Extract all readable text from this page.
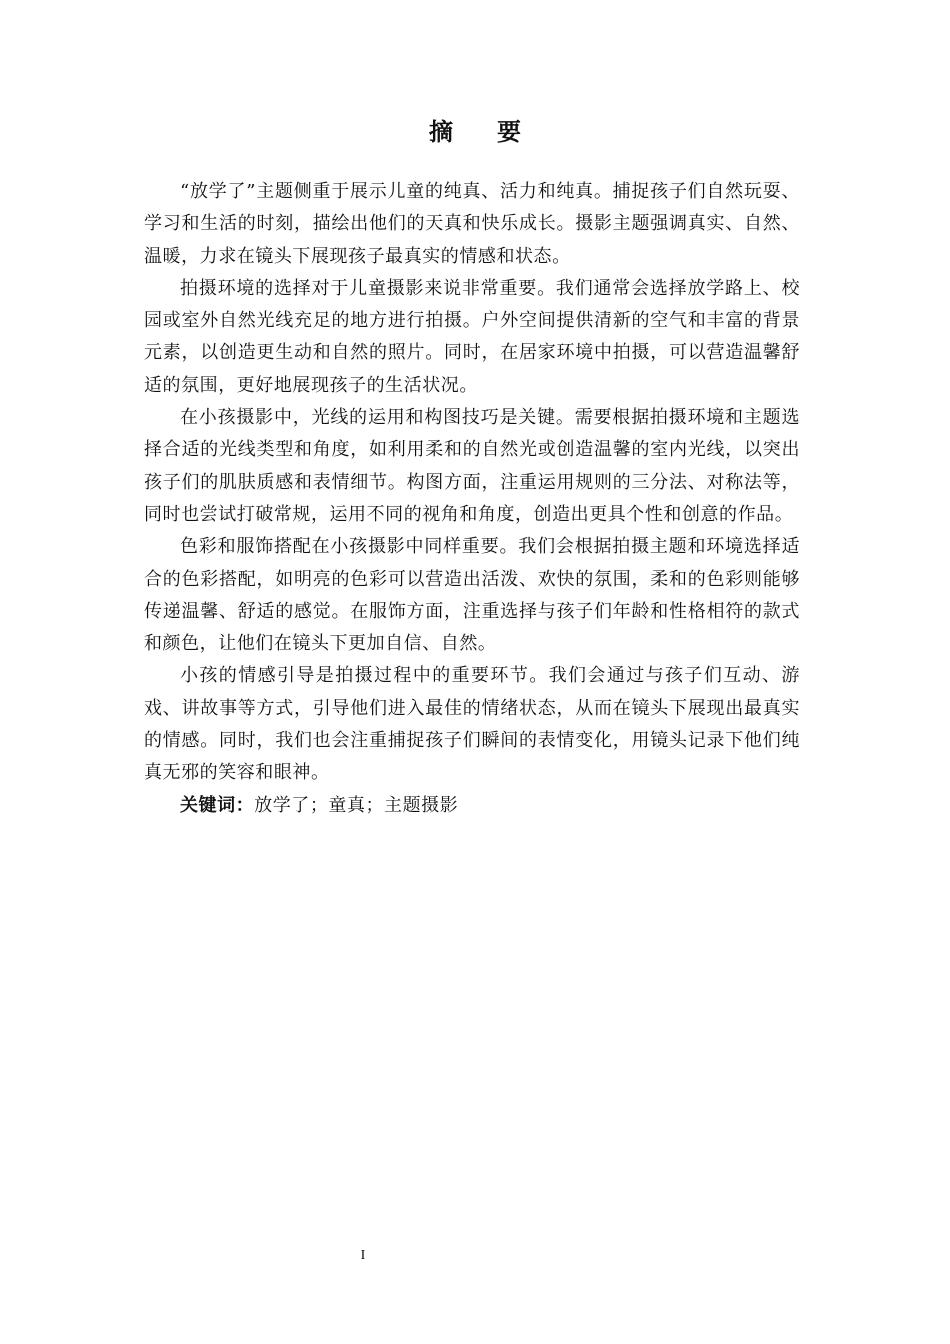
摘要

“放学了”主题侧重于展示儿童的纯真、活力和纯真。捕捉孩子们自然玩耍、学习和生活的时刻，描绘出他们的天真和快乐成长。摄影主题强调真实、自然、温暖，力求在镜头下展现孩子最真实的情感和状态。

拍摄环境的选择对于儿童摄影来说非常重要。我们通常会选择放学路上、校园或室外自然光线充足的地方进行拍摄。户外空间提供清新的空气和丰富的背景元素，以创造更生动和自然的照片。同时，在居家环境中拍摄，可以营造温馨舒适的氛围，更好地展现孩子的生活状况。

在小孩摄影中，光线的运用和构图技巧是关键。需要根据拍摄环境和主题选择合适的光线类型和角度，如利用柔和的自然光或创造温馨的室内光线，以突出孩子们的肌肤质感和表情细节。构图方面，注重运用规则的三分法、对称法等，同时也尝试打破常规，运用不同的视角和角度，创造出更具个性和创意的作品。

色彩和服饰搭配在小孩摄影中同样重要。我们会根据拍摄主题和环境选择适合的色彩搭配，如明亮的色彩可以营造出活泼、欢快的氛围，柔和的色彩则能够传递温馨、舒适的感觉。在服饰方面，注重选择与孩子们年龄和性格相符的款式和颜色，让他们在镜头下更加自信、自然。

小孩的情感引导是拍摄过程中的重要环节。我们会通过与孩子们互动、游戏、讲故事等方式，引导他们进入最佳的情绪状态，从而在镜头下展现出最真实的情感。同时，我们也会注重捕捉孩子们瞬间的表情变化，用镜头记录下他们纯真无邪的笑容和眼神。

关键词：放学了；童真；主题摄影

I
